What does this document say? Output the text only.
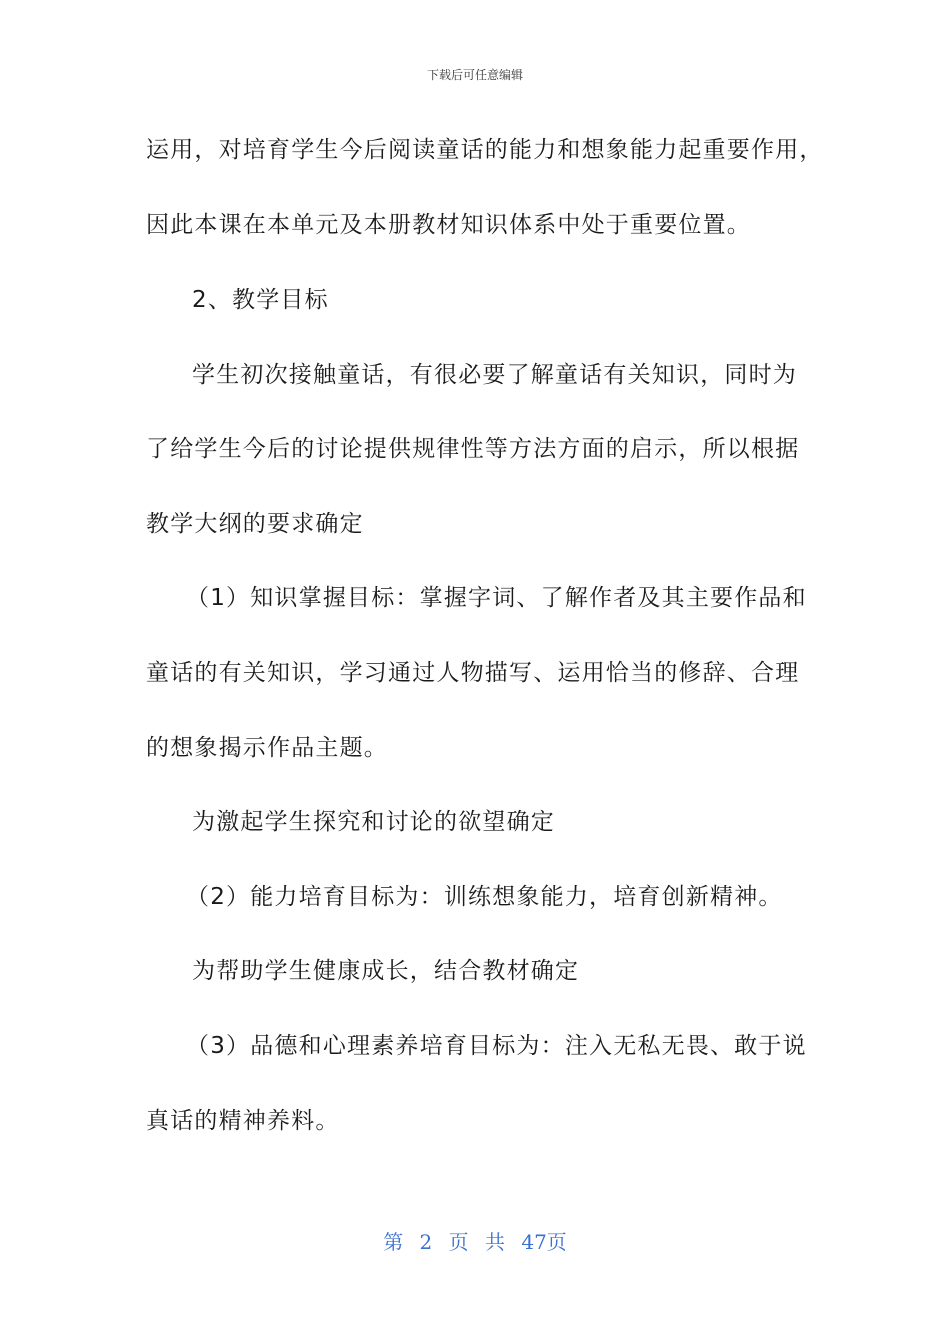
下载后可任意编辑
运用，对培育学生今后阅读童话的能力和想象能力起重要作用，
因此本课在本单元及本册教材知识体系中处于重要位置。
2、教学目标
学生初次接触童话，有很必要了解童话有关知识，同时为
了给学生今后的讨论提供规律性等方法方面的启示，所以根据
教学大纲的要求确定
（1）知识掌握目标：掌握字词、了解作者及其主要作品和
童话的有关知识，学习通过人物描写、运用恰当的修辞、合理
的想象揭示作品主题。
为激起学生探究和讨论的欲望确定
（2）能力培育目标为：训练想象能力，培育创新精神。
为帮助学生健康成长，结合教材确定
（3）品德和心理素养培育目标为：注入无私无畏、敢于说
真话的精神养料。
第 2 页 共 47页
